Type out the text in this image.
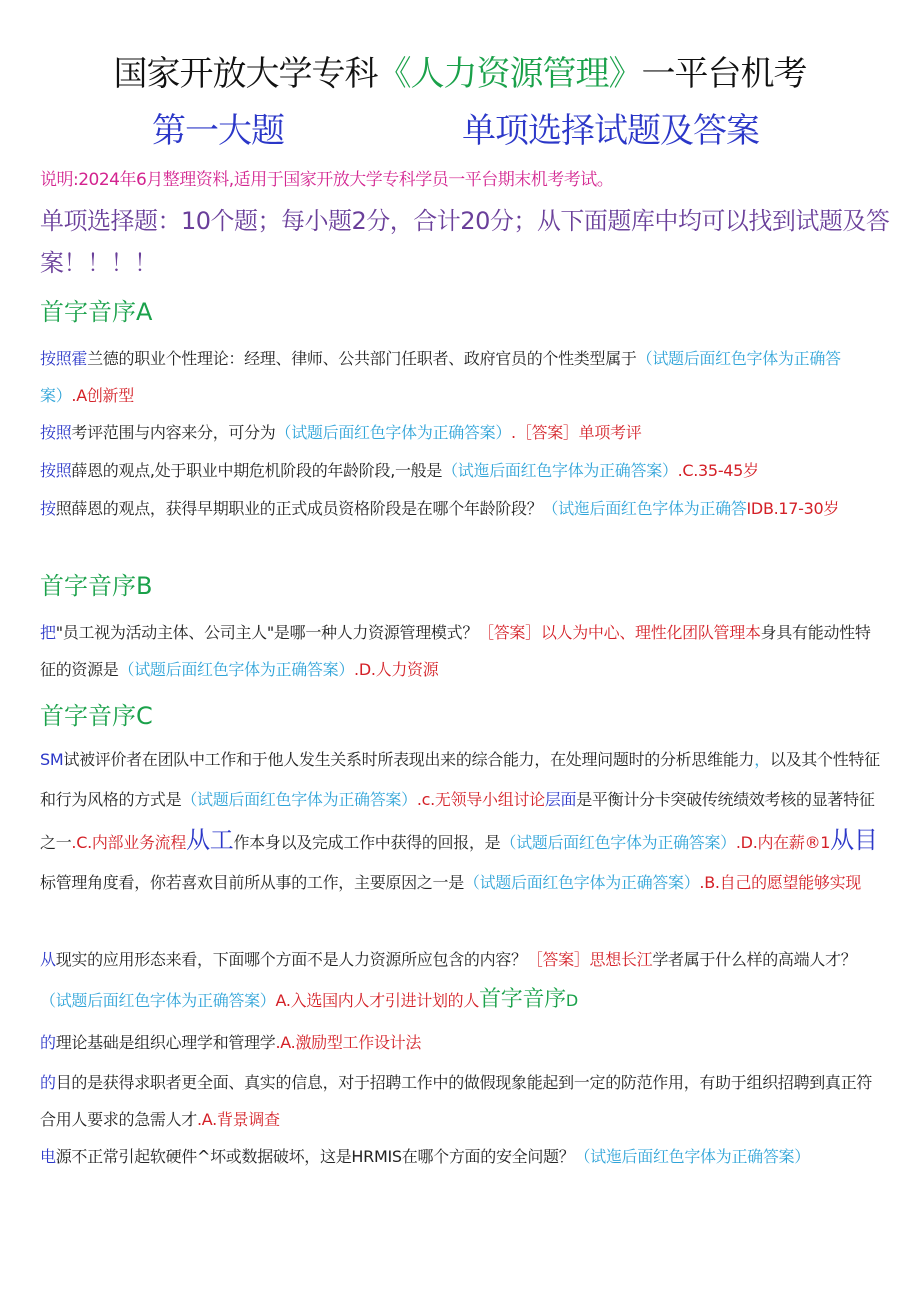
国家开放大学专科《人力资源管理》一平台机考
第一大题	单项选择试题及答案
说明:2024年6月整理资料,适用于国家开放大学专科学员一平台期末机考考试。
单项选择题：10个题；每小题2分，合计20分；从下面题库中均可以找到试题及答案！！！！
首字音序A
按照霍兰德的职业个性理论：经理、律师、公共部门任职者、政府官员的个性类型属于（试题后面红色字体为正确答案）.A创新型
按照考评范围与内容来分，可分为（试题后面红色字体为正确答案）.［答案］单项考评
按照薛恩的观点,处于职业中期危机阶段的年龄阶段,一般是（试迤后面红色字体为正确答案）.C.35-45岁
按照薛恩的观点，获得早期职业的正式成员资格阶段是在哪个年龄阶段？（试迤后面红色字体为正确答IDB.17-30岁
首字音序B
把"员工视为活动主体、公司主人"是哪一种人力资源管理模式？［答案］以人为中心、理性化团队管理本身具有能动性特征的资源是（试题后面红色字体为正确答案）.D.人力资源
首字音序C
SM试被评价者在团队中工作和于他人发生关系时所表现出来的综合能力，在处理问题时的分析思维能力，以及其个性特征和行为风格的方式是（试题后面红色字体为正确答案）.c.无领导小组讨论层面是平衡计分卡突破传统绩效考核的显著特征之一.C.内部业务流程从工作本身以及完成工作中获得的回报，是（试题后面红色字体为正确答案）.D.内在薪®1从目标管理角度看，你若喜欢目前所从事的工作，主要原因之一是（试题后面红色字体为正确答案）.B.自己的愿望能够实现
从现实的应用形态来看，下面哪个方面不是人力资源所应包含的内容？［答案］思想长江学者属于什么样的高端人才？（试题后面红色字体为正确答案）A.入选国内人才引进计划的人首字音序D
的理论基础是组织心理学和管理学.A.激励型工作设计法
的目的是获得求职者更全面、真实的信息，对于招聘工作中的做假现象能起到一定的防范作用，有助于组织招聘到真正符合用人要求的急需人才.A.背景调查
电源不正常引起软硬件^坏或数据破坏，这是HRMIS在哪个方面的安全问题？（试迤后面红色字体为正确答案）
